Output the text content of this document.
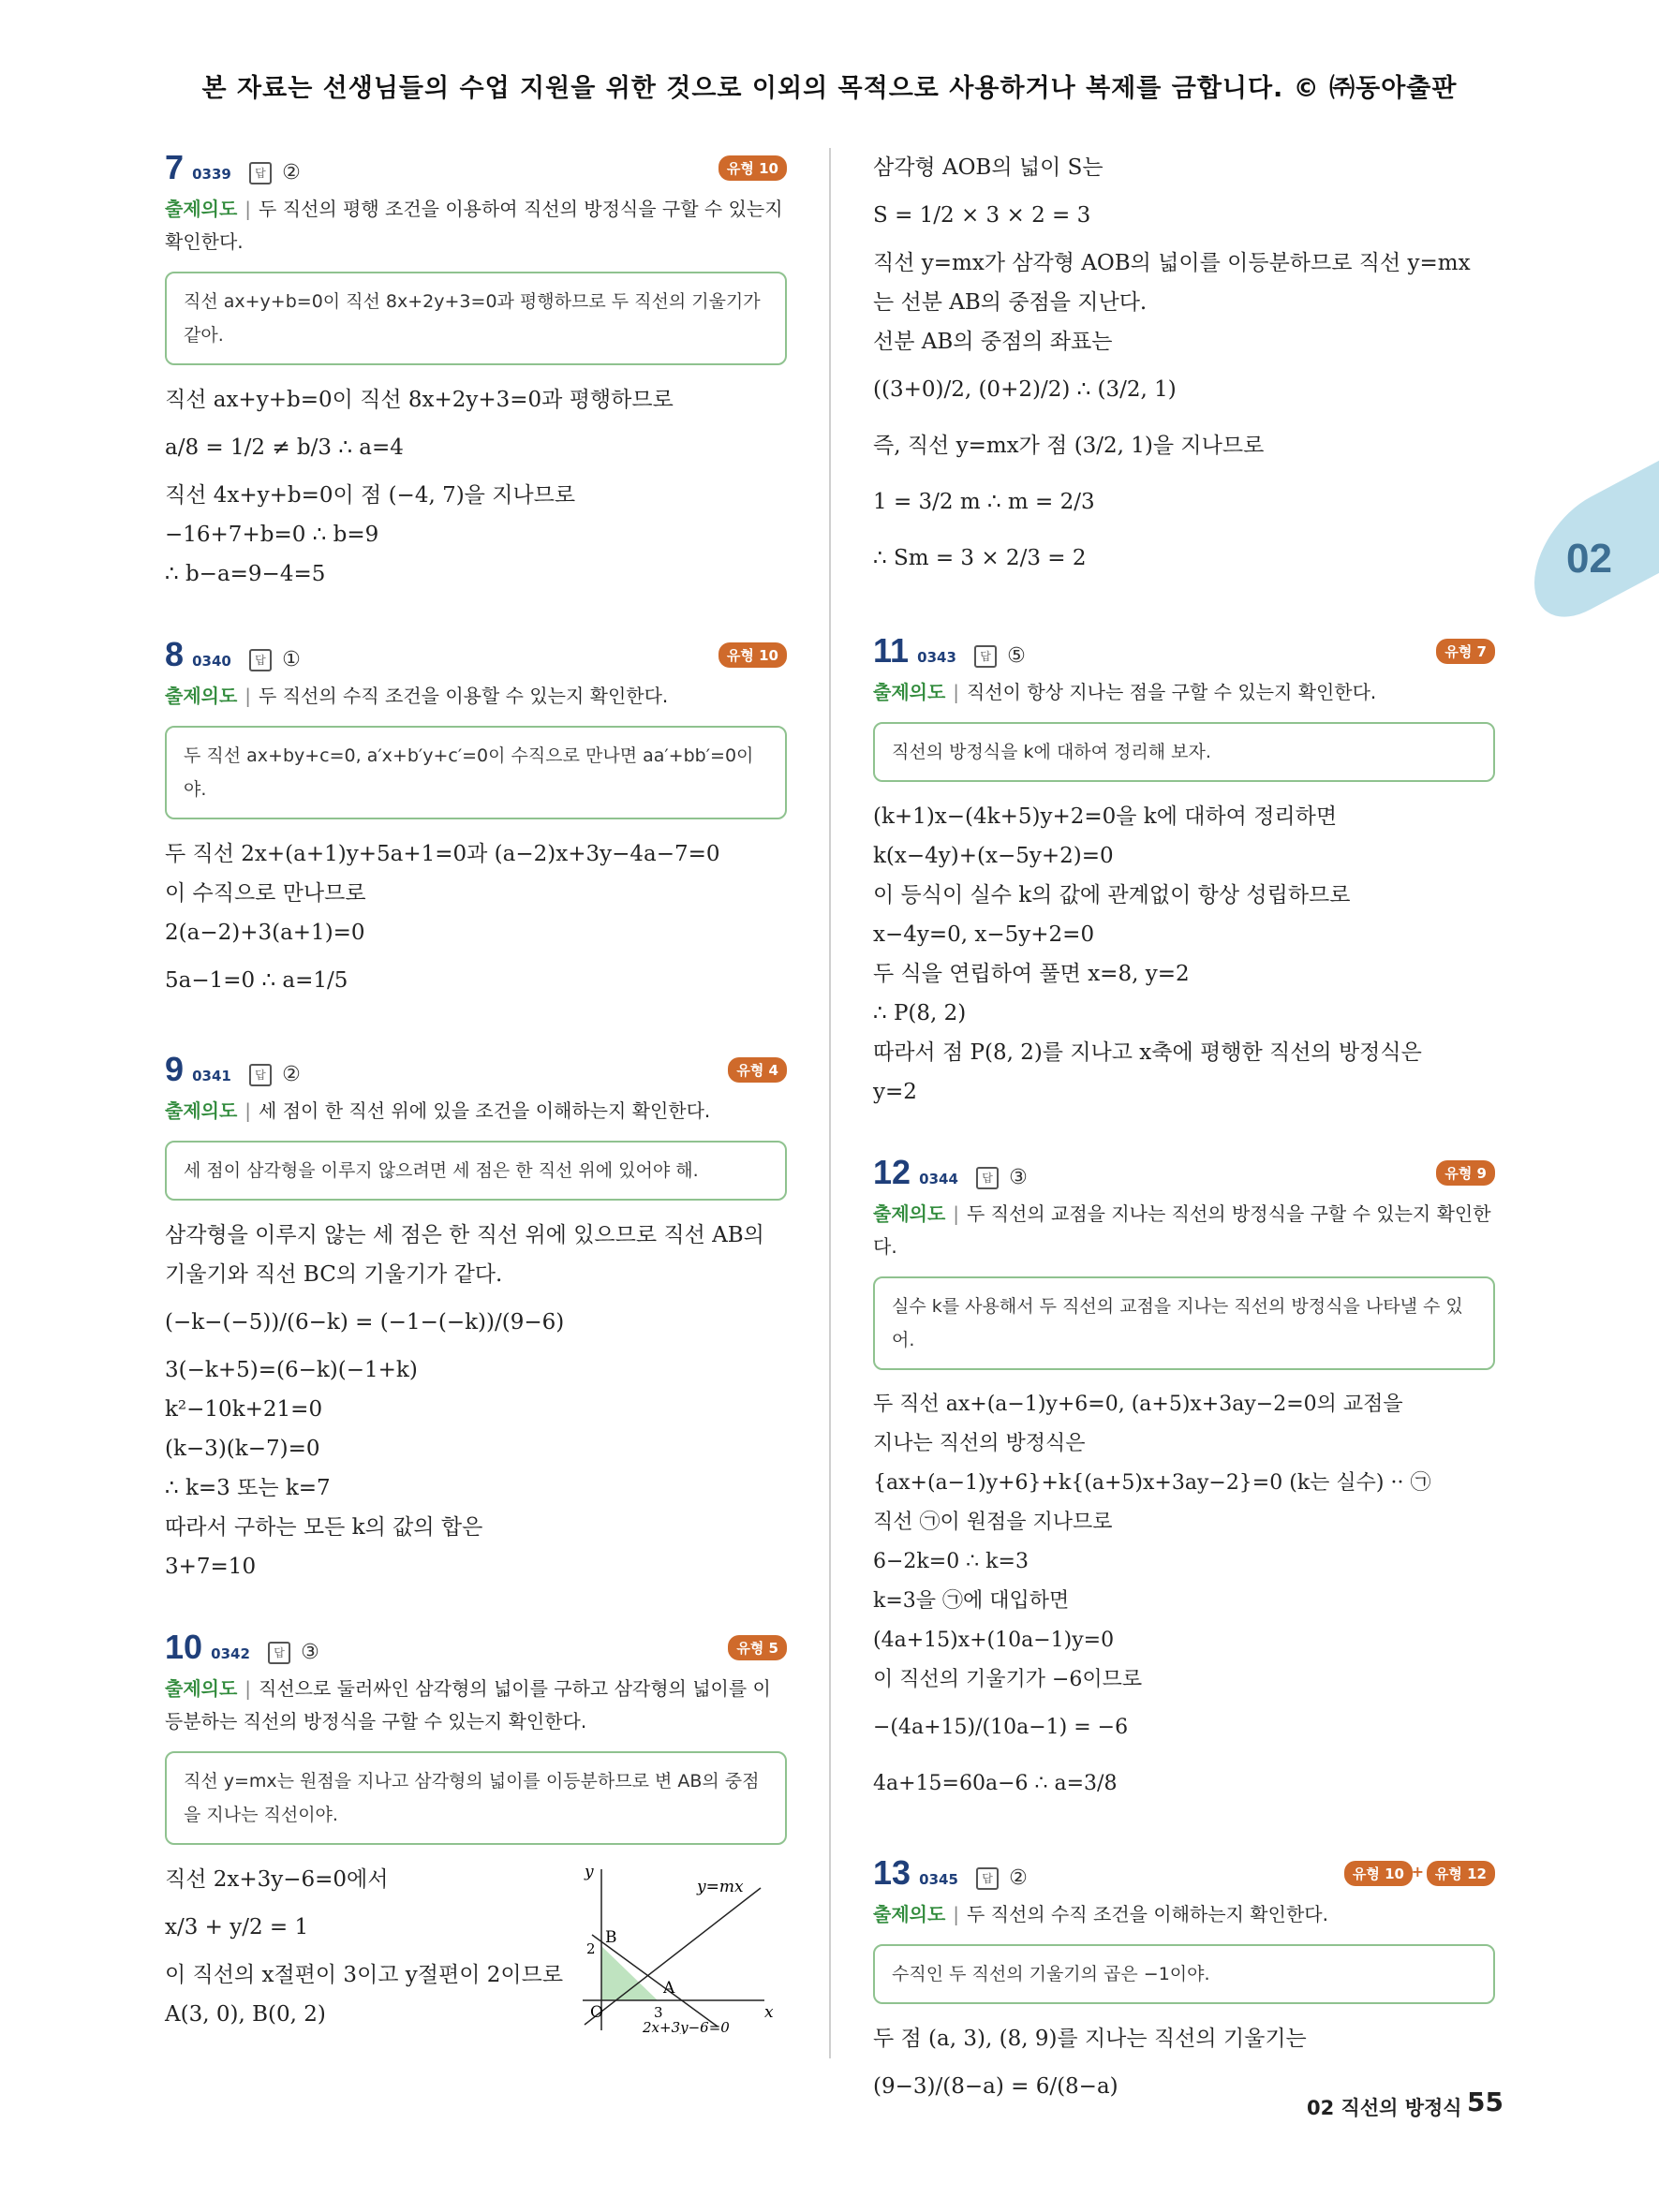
본 자료는 선생님들의 수업 지원을 위한 것으로 이외의 목적으로 사용하거나 복제를 금합니다. © ㈜동아출판
02
7 0339 답 ②	유형 10
출제의도 | 두 직선의 평행 조건을 이용하여 직선의 방정식을 구할 수 있는지 확인한다.
직선 ax+y+b=0이 직선 8x+2y+3=0과 평행하므로 두 직선의 기울기가 같아.
직선 ax+y+b=0이 직선 8x+2y+3=0과 평행하므로
a/8 = 1/2 ≠ b/3 ∴ a=4
직선 4x+y+b=0이 점 (−4, 7)을 지나므로
−16+7+b=0 ∴ b=9
∴ b−a=9−4=5
8 0340 답 ①	유형 10
출제의도 | 두 직선의 수직 조건을 이용할 수 있는지 확인한다.
두 직선 ax+by+c=0, a′x+b′y+c′=0이 수직으로 만나면 aa′+bb′=0이야.
두 직선 2x+(a+1)y+5a+1=0과 (a−2)x+3y−4a−7=0
이 수직으로 만나므로
2(a−2)+3(a+1)=0
5a−1=0 ∴ a=1/5
9 0341 답 ②	유형 4
출제의도 | 세 점이 한 직선 위에 있을 조건을 이해하는지 확인한다.
세 점이 삼각형을 이루지 않으려면 세 점은 한 직선 위에 있어야 해.
삼각형을 이루지 않는 세 점은 한 직선 위에 있으므로 직선 AB의
기울기와 직선 BC의 기울기가 같다.
(−k−(−5))/(6−k) = (−1−(−k))/(9−6)
3(−k+5)=(6−k)(−1+k)
k²−10k+21=0
(k−3)(k−7)=0
∴ k=3 또는 k=7
따라서 구하는 모든 k의 값의 합은
3+7=10
10 0342 답 ③	유형 5
출제의도 | 직선으로 둘러싸인 삼각형의 넓이를 구하고 삼각형의 넓이를 이등분하는 직선의 방정식을 구할 수 있는지 확인한다.
직선 y=mx는 원점을 지나고 삼각형의 넓이를 이등분하므로 변 AB의 중점을 지나는 직선이야.
직선 2x+3y−6=0에서
x/3 + y/2 = 1
이 직선의 x절편이 3이고 y절편이 2이므로
A(3, 0), B(0, 2)
y
x
y=mx
2x+3y−6=0
O
B
A
2
3
삼각형 AOB의 넓이 S는
S = 1/2 × 3 × 2 = 3
직선 y=mx가 삼각형 AOB의 넓이를 이등분하므로 직선 y=mx
는 선분 AB의 중점을 지난다.
선분 AB의 중점의 좌표는
((3+0)/2, (0+2)/2) ∴ (3/2, 1)
즉, 직선 y=mx가 점 (3/2, 1)을 지나므로
1 = 3/2 m ∴ m = 2/3
∴ Sm = 3 × 2/3 = 2
11 0343 답 ⑤	유형 7
출제의도 | 직선이 항상 지나는 점을 구할 수 있는지 확인한다.
직선의 방정식을 k에 대하여 정리해 보자.
(k+1)x−(4k+5)y+2=0을 k에 대하여 정리하면
k(x−4y)+(x−5y+2)=0
이 등식이 실수 k의 값에 관계없이 항상 성립하므로
x−4y=0, x−5y+2=0
두 식을 연립하여 풀면 x=8, y=2
∴ P(8, 2)
따라서 점 P(8, 2)를 지나고 x축에 평행한 직선의 방정식은
y=2
12 0344 답 ③	유형 9
출제의도 | 두 직선의 교점을 지나는 직선의 방정식을 구할 수 있는지 확인한다.
실수 k를 사용해서 두 직선의 교점을 지나는 직선의 방정식을 나타낼 수 있어.
두 직선 ax+(a−1)y+6=0, (a+5)x+3ay−2=0의 교점을
지나는 직선의 방정식은
{ax+(a−1)y+6}+k{(a+5)x+3ay−2}=0 (k는 실수) ·· ㉠
직선 ㉠이 원점을 지나므로
6−2k=0 ∴ k=3
k=3을 ㉠에 대입하면
(4a+15)x+(10a−1)y=0
이 직선의 기울기가 −6이므로
−(4a+15)/(10a−1) = −6
4a+15=60a−6 ∴ a=3/8
13 0345 답 ②	유형 10 + 유형 12
출제의도 | 두 직선의 수직 조건을 이해하는지 확인한다.
수직인 두 직선의 기울기의 곱은 −1이야.
두 점 (a, 3), (8, 9)를 지나는 직선의 기울기는
(9−3)/(8−a) = 6/(8−a)
02 직선의 방정식 55
